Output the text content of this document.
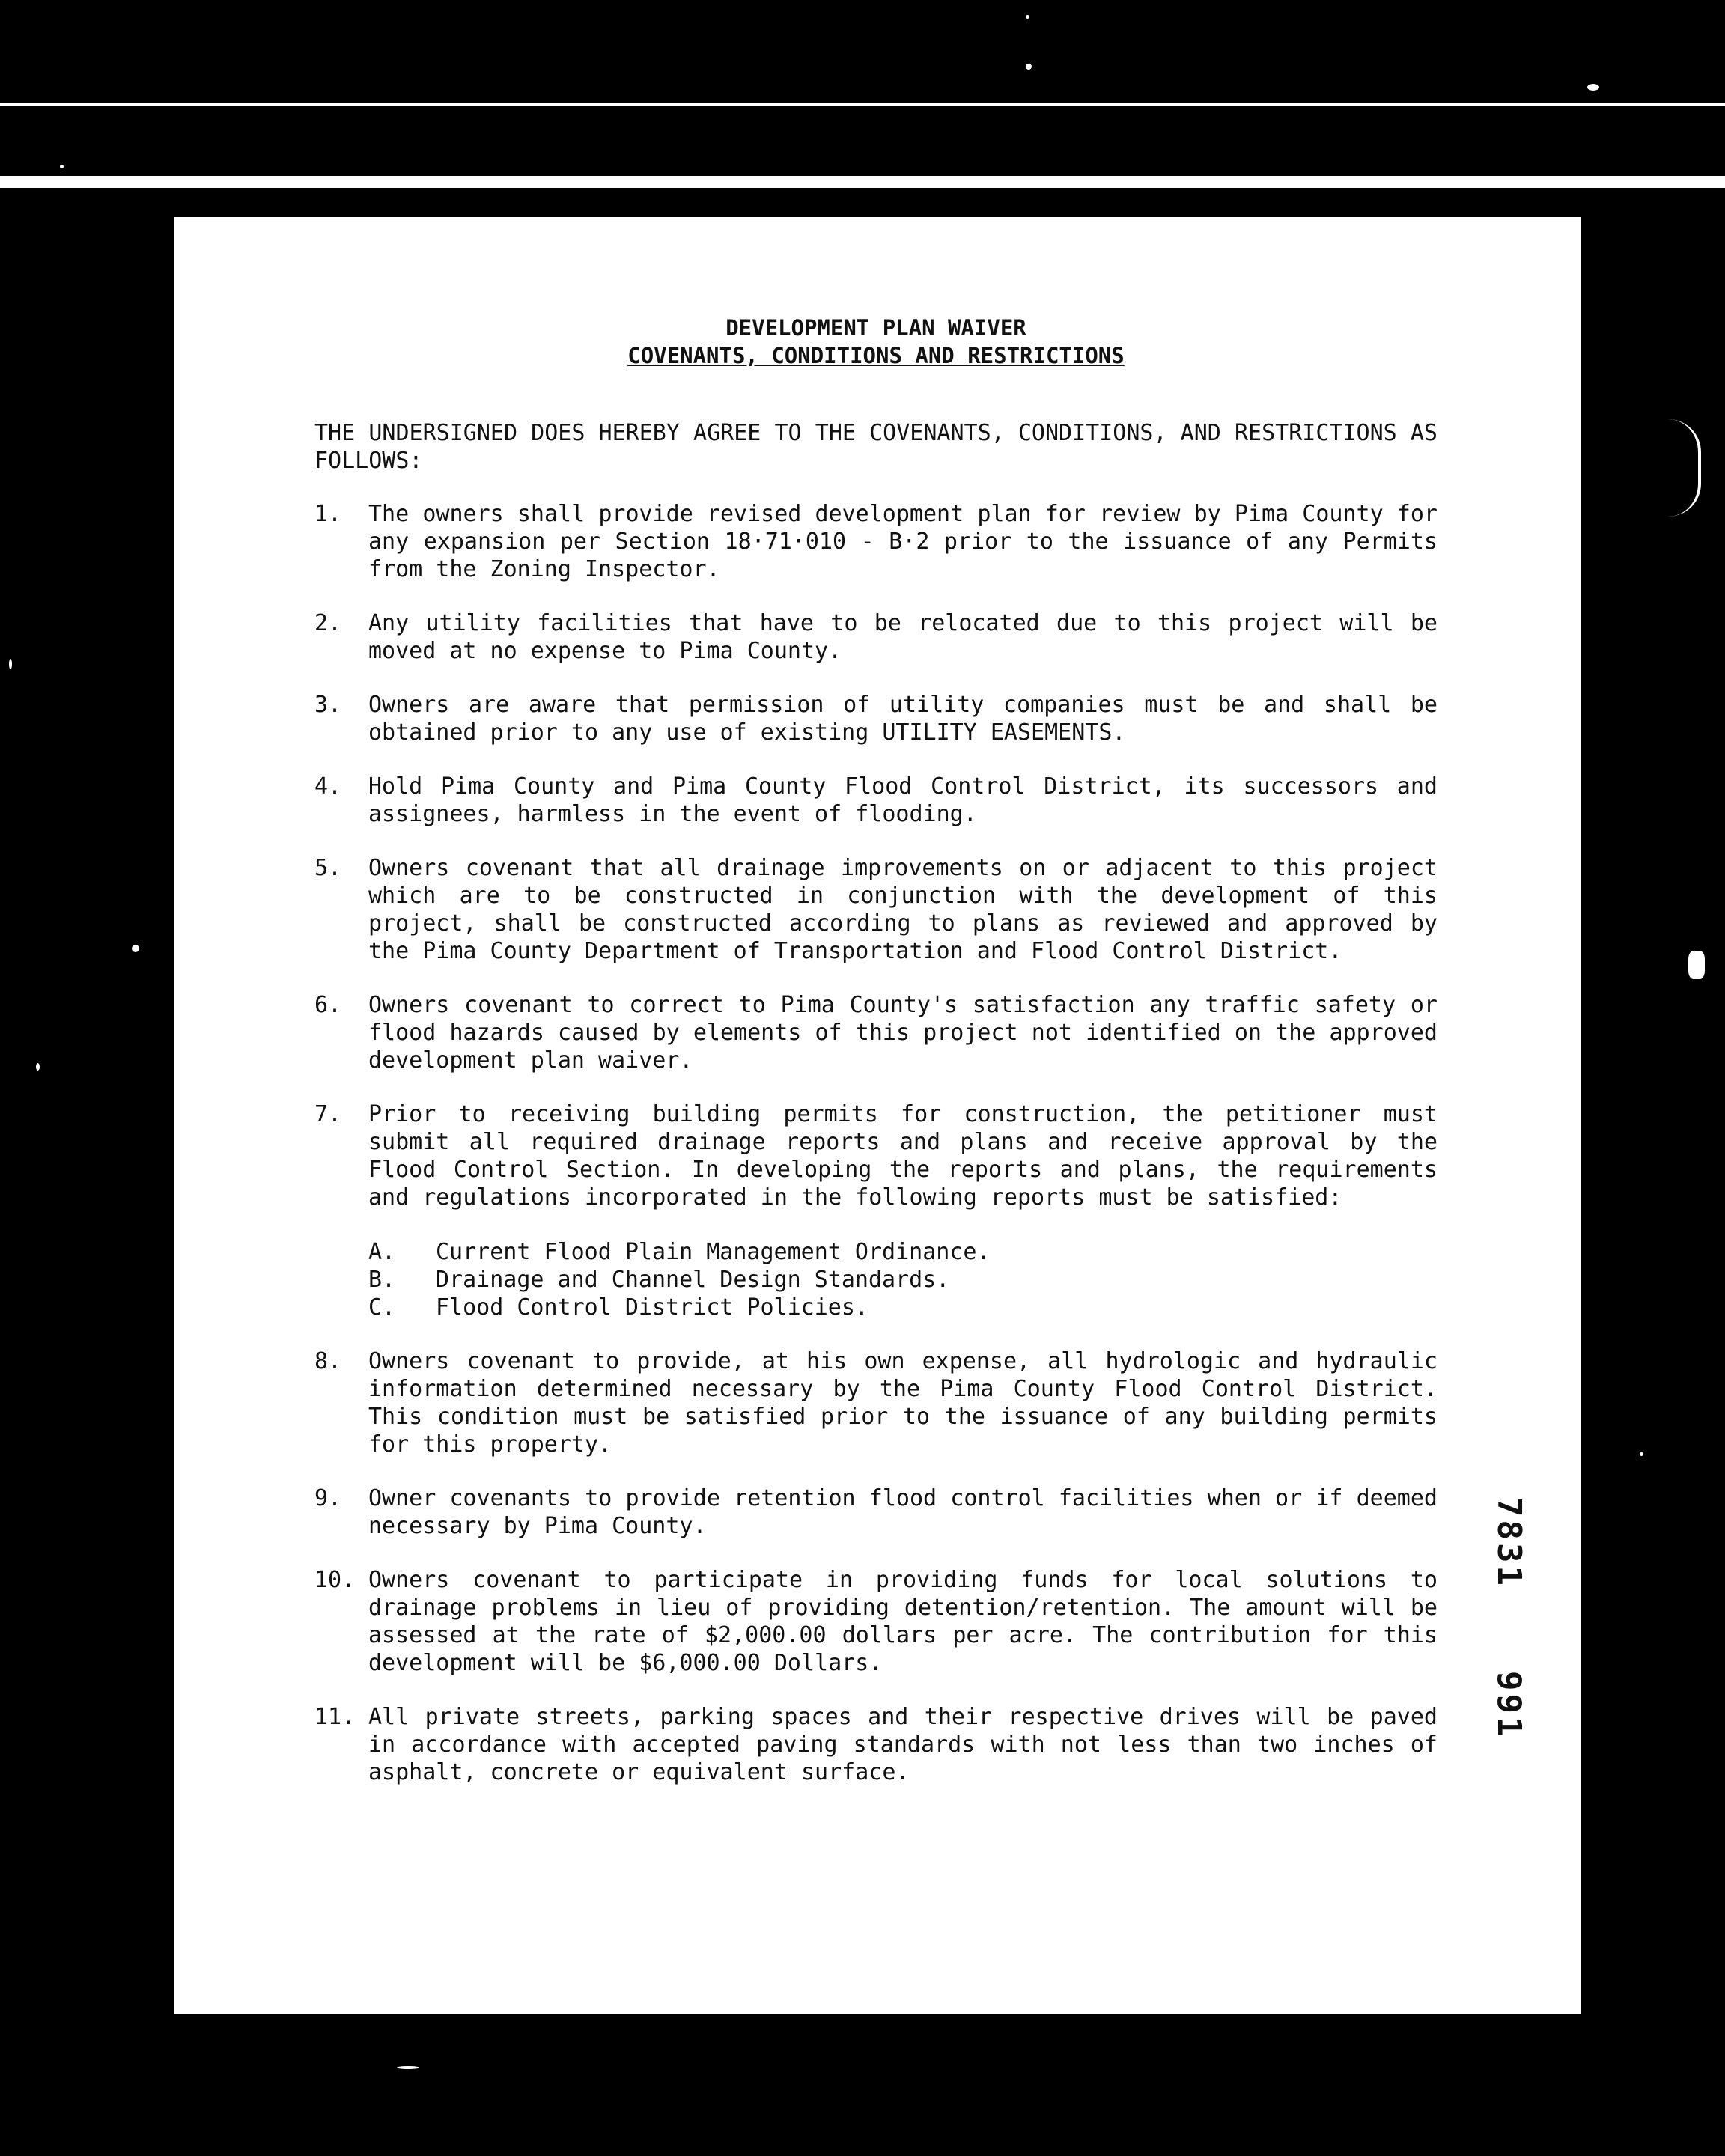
DEVELOPMENT PLAN WAIVER
COVENANTS, CONDITIONS AND RESTRICTIONS
THE UNDERSIGNED DOES HEREBY AGREE TO THE COVENANTS, CONDITIONS, AND RESTRICTIONS AS FOLLOWS:
1.	The owners shall provide revised development plan for review by Pima County for any expansion per Section 18·71·010 - B·2 prior to the issuance of any Permits from the Zoning Inspector.
2.	Any utility facilities that have to be relocated due to this project will be moved at no expense to Pima County.
3.	Owners are aware that permission of utility companies must be and shall be obtained prior to any use of existing UTILITY EASEMENTS.
4.	Hold Pima County and Pima County Flood Control District, its successors and assignees, harmless in the event of flooding.
5.	Owners covenant that all drainage improvements on or adjacent to this project which are to be constructed in conjunction with the development of this project, shall be constructed according to plans as reviewed and approved by the Pima County Department of Transportation and Flood Control District.
6.	Owners covenant to correct to Pima County's satisfaction any traffic safety or flood hazards caused by elements of this project not identified on the approved development plan waiver.
7.	Prior to receiving building permits for construction, the petitioner must submit all required drainage reports and plans and receive approval by the Flood Control Section. In developing the reports and plans, the requirements and regulations incorporated in the following reports must be satisfied:
A.	Current Flood Plain Management Ordinance.
B.	Drainage and Channel Design Standards.
C.	Flood Control District Policies.
8.	Owners covenant to provide, at his own expense, all hydrologic and hydraulic information determined necessary by the Pima County Flood Control District. This condition must be satisfied prior to the issuance of any building permits for this property.
9.	Owner covenants to provide retention flood control facilities when or if deemed necessary by Pima County.
10. Owners covenant to participate in providing funds for local solutions to drainage problems in lieu of providing detention/retention. The amount will be assessed at the rate of $2,000.00 dollars per acre. The contribution for this development will be $6,000.00 Dollars.
11. All private streets, parking spaces and their respective drives will be paved in accordance with accepted paving standards with not less than two inches of asphalt, concrete or equivalent surface.
7831991
